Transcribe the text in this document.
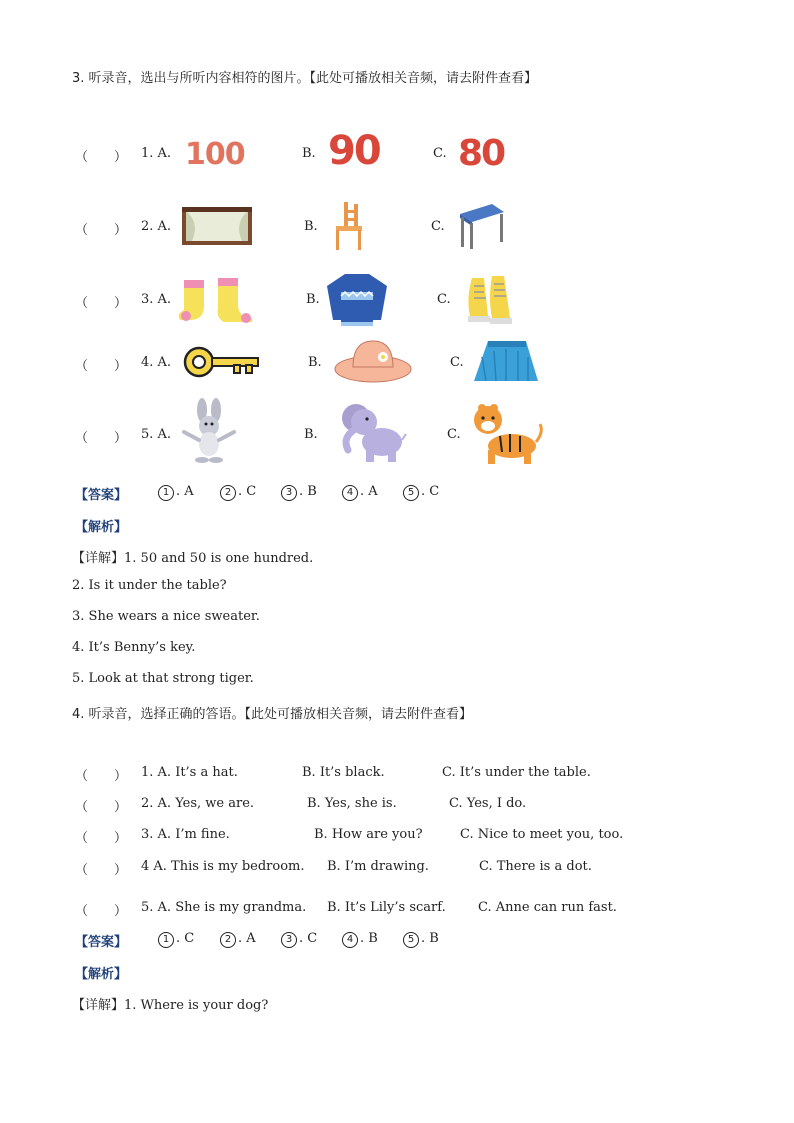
3. 听录音，选出与所听内容相符的图片。【此处可播放相关音频，请去附件查看】
（　　） 1. A. 100	B. 90	C. 80
（　　） 2. A.	B.	C.
（　　） 3. A.	B.	C.
（　　） 4. A.	B.	C.
（　　） 5. A.	B.	C.
【答案】	1 . A	2 . C	3 . B	4 . A	5 . C
【解析】
【详解】1. 50 and 50 is one hundred.
2. Is it under the table?
3. She wears a nice sweater.
4. It’s Benny’s key.
5. Look at that strong tiger.
4. 听录音，选择正确的答语。【此处可播放相关音频，请去附件查看】
（　　） 1. A. It’s a hat.	B. It’s black.	C. It’s under the table.
（　　） 2. A. Yes, we are.	B. Yes, she is.	C. Yes, I do.
（　　） 3. A. I’m fine.	B. How are you?	C. Nice to meet you, too.
（　　） 4 A. This is my bedroom. B. I’m drawing.	C. There is a dot.
（　　） 5. A. She is my grandma. B. It’s Lily’s scarf. C. Anne can run fast.
【答案】	1 . C	2 . A	3 . C	4 . B	5 . B
【解析】
【详解】1. Where is your dog?
